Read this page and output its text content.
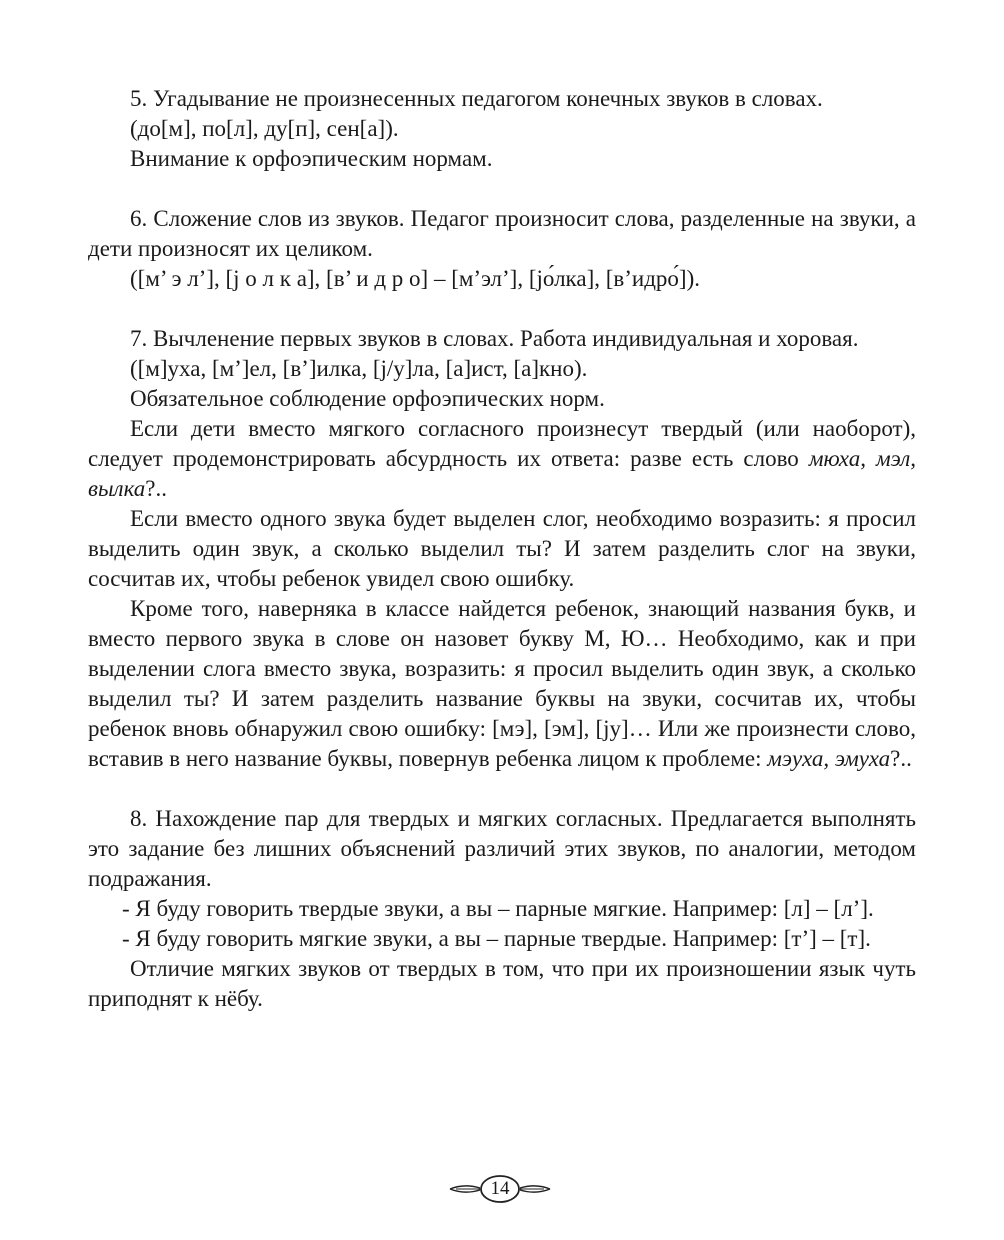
5. Угадывание не произнесенных педагогом конечных звуков в словах.

(до[м], по[л], ду[п], сен[а]).

Внимание к орфоэпическим нормам.

6. Сложение слов из звуков. Педагог произносит слова, разделенные на звуки, а дети произносят их целиком.

([м’ э л’], [j о л к а], [в’ и д р о] – [м’эл’], [jо́лка], [в’идро́]).

7. Вычленение первых звуков в словах. Работа индивидуальная и хоровая.

([м]уха, [м’]ел, [в’]илка, [j/у]ла, [а]ист, [а]кно).

Обязательное соблюдение орфоэпических норм.

Если дети вместо мягкого согласного произнесут твердый (или наоборот), следует продемонстрировать абсурдность их ответа: разве есть слово мюха, мэл, вылка?..

Если вместо одного звука будет выделен слог, необходимо возразить: я просил выделить один звук, а сколько выделил ты? И затем разделить слог на звуки, сосчитав их, чтобы ребенок увидел свою ошибку.

Кроме того, наверняка в классе найдется ребенок, знающий названия букв, и вместо первого звука в слове он назовет букву М, Ю… Необходимо, как и при выделении слога вместо звука, возразить: я просил выделить один звук, а сколько выделил ты? И затем разделить название буквы на звуки, сосчитав их, чтобы ребенок вновь обнаружил свою ошибку: [мэ], [эм], [jу]… Или же произнести слово, вставив в него название буквы, повернув ребенка лицом к проблеме: мэуха, эмуха?..

8. Нахождение пар для твердых и мягких согласных. Предлагается выполнять это задание без лишних объяснений различий этих звуков, по аналогии, методом подражания.

- Я буду говорить твердые звуки, а вы – парные мягкие. Например: [л] – [л’].

- Я буду говорить мягкие звуки, а вы – парные твердые. Например: [т’] – [т].

Отличие мягких звуков от твердых в том, что при их произношении язык чуть приподнят к нёбу.

14
